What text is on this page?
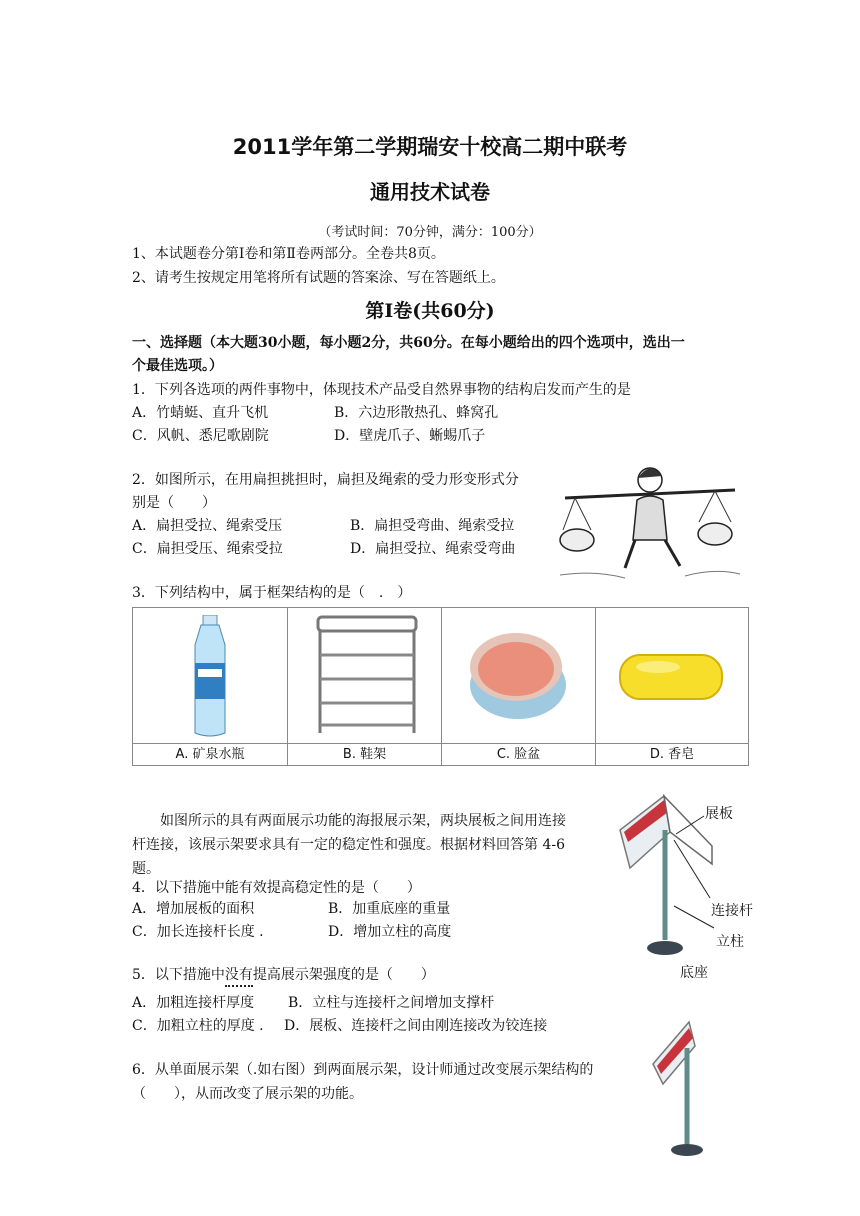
2011学年第二学期瑞安十校高二期中联考
通用技术试卷
（考试时间：70分钟，满分：100分）
1、本试题卷分第Ⅰ卷和第Ⅱ卷两部分。全卷共8页。
2、请考生按规定用笔将所有试题的答案涂、写在答题纸上。
第Ⅰ卷(共60分)
一、选择题（本大题30小题，每小题2分，共60分。在每小题给出的四个选项中，选出一
个最佳选项。）
1．下列各选项的两件事物中，体现技术产品受自然界事物的结构启发而产生的是
A．竹蜻蜓、直升飞机	B．六边形散热孔、蜂窝孔
C．风帆、悉尼歌剧院	D．壁虎爪子、蜥蜴爪子
2．如图所示，在用扁担挑担时，扁担及绳索的受力形变形式分
别是（　　）
A．扁担受拉、绳索受压	B．扁担受弯曲、绳索受拉
C．扁担受压、绳索受拉	D．扁担受拉、绳索受弯曲
3．下列结构中，属于框架结构的是（　.　）
A. 矿泉水瓶	B. 鞋架	C. 脸盆	D. 香皂
如图所示的具有两面展示功能的海报展示架，两块展板之间用连接
杆连接，该展示架要求具有一定的稳定性和强度。根据材料回答第 4-6
题。
展板
连接杆
立柱
底座
4．以下措施中能有效提高稳定性的是（　　）
A．增加展板的面积	B．加重底座的重量
C．加长连接杆长度 .	D．增加立柱的高度
5．以下措施中没有提高展示架强度的是（　　）
A．加粗连接杆厚度 B．立柱与连接杆之间增加支撑杆
C．加粗立柱的厚度 . D．展板、连接杆之间由刚连接改为铰连接
6．从单面展示架（.如右图）到两面展示架，设计师通过改变展示架结构的
（　　），从而改变了展示架的功能。
